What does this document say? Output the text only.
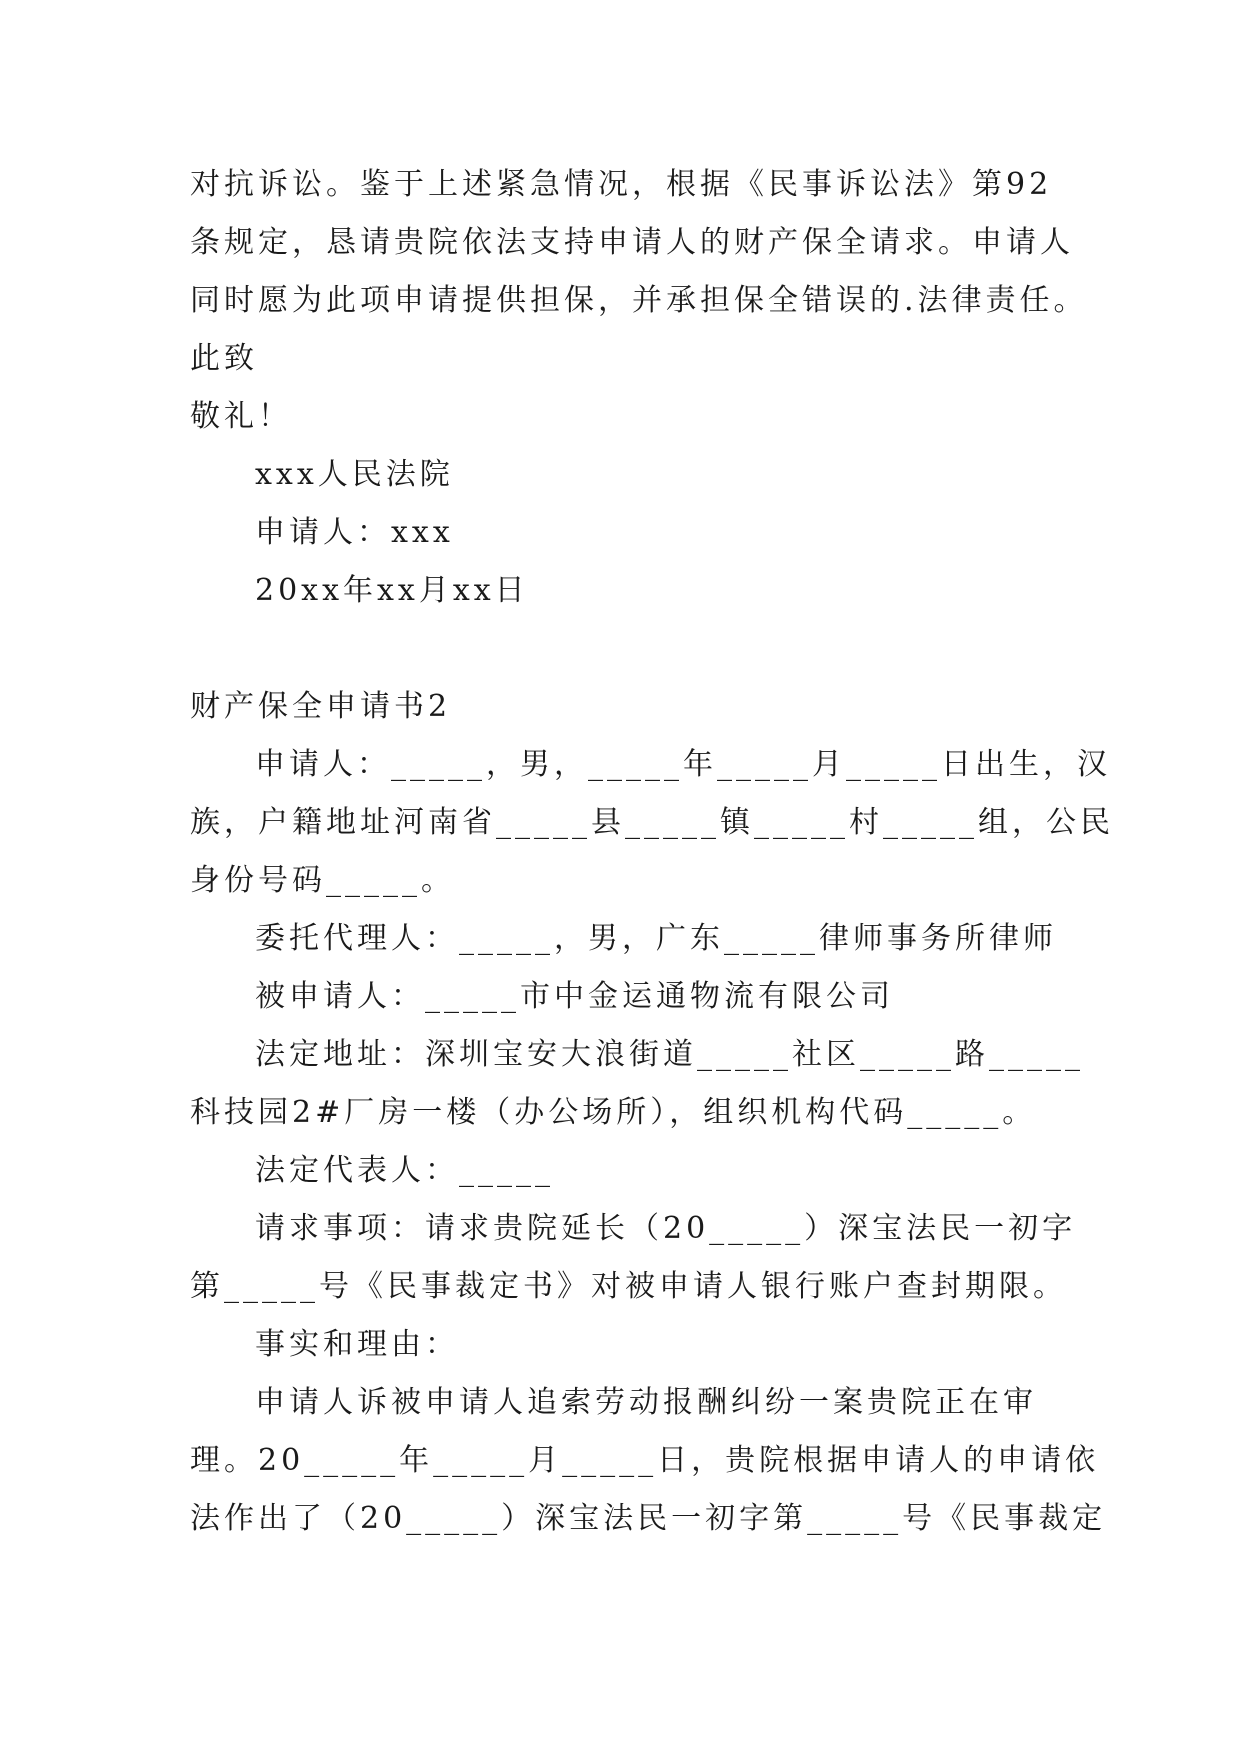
对抗诉讼。鉴于上述紧急情况，根据《民事诉讼法》第92
条规定，恳请贵院依法支持申请人的财产保全请求。申请人
同时愿为此项申请提供担保，并承担保全错误的.法律责任。
此致
敬礼！
xxx人民法院
申请人：xxx
20xx年xx月xx日
财产保全申请书2
申请人：_____，男，_____年_____月_____日出生，汉
族，户籍地址河南省_____县_____镇_____村_____组，公民
身份号码_____。
委托代理人：_____，男，广东_____律师事务所律师
被申请人：_____市中金运通物流有限公司
法定地址：深圳宝安大浪街道_____社区_____路_____
科技园2#厂房一楼（办公场所），组织机构代码_____。
法定代表人：_____
请求事项：请求贵院延长（20_____）深宝法民一初字
第_____号《民事裁定书》对被申请人银行账户查封期限。
事实和理由：
申请人诉被申请人追索劳动报酬纠纷一案贵院正在审
理。20_____年_____月_____日，贵院根据申请人的申请依
法作出了（20_____）深宝法民一初字第_____号《民事裁定
